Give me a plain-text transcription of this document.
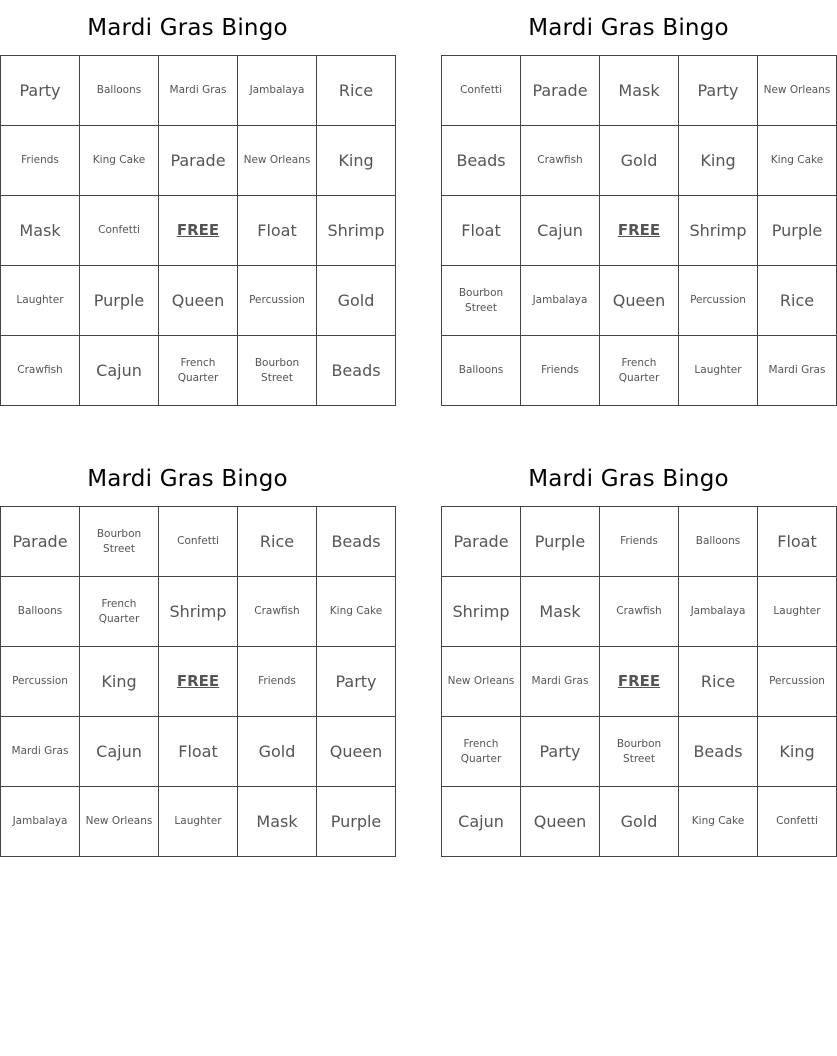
Mardi Gras Bingo
Party	Balloons	Mardi Gras	Jambalaya	Rice
Friends	King Cake	Parade	New Orleans	King
Mask	Confetti	FREE	Float	Shrimp
Laughter	Purple	Queen	Percussion	Gold
Crawfish	Cajun	French Quarter	Bourbon Street	Beads
Mardi Gras Bingo
Confetti	Parade	Mask	Party	New Orleans
Beads	Crawfish	Gold	King	King Cake
Float	Cajun	FREE	Shrimp	Purple
Bourbon Street	Jambalaya	Queen	Percussion	Rice
Balloons	Friends	French Quarter	Laughter	Mardi Gras
Mardi Gras Bingo
Parade	Bourbon Street	Confetti	Rice	Beads
Balloons	French Quarter	Shrimp	Crawfish	King Cake
Percussion	King	FREE	Friends	Party
Mardi Gras	Cajun	Float	Gold	Queen
Jambalaya	New Orleans	Laughter	Mask	Purple
Mardi Gras Bingo
Parade	Purple	Friends	Balloons	Float
Shrimp	Mask	Crawfish	Jambalaya	Laughter
New Orleans	Mardi Gras	FREE	Rice	Percussion
French Quarter	Party	Bourbon Street	Beads	King
Cajun	Queen	Gold	King Cake	Confetti
